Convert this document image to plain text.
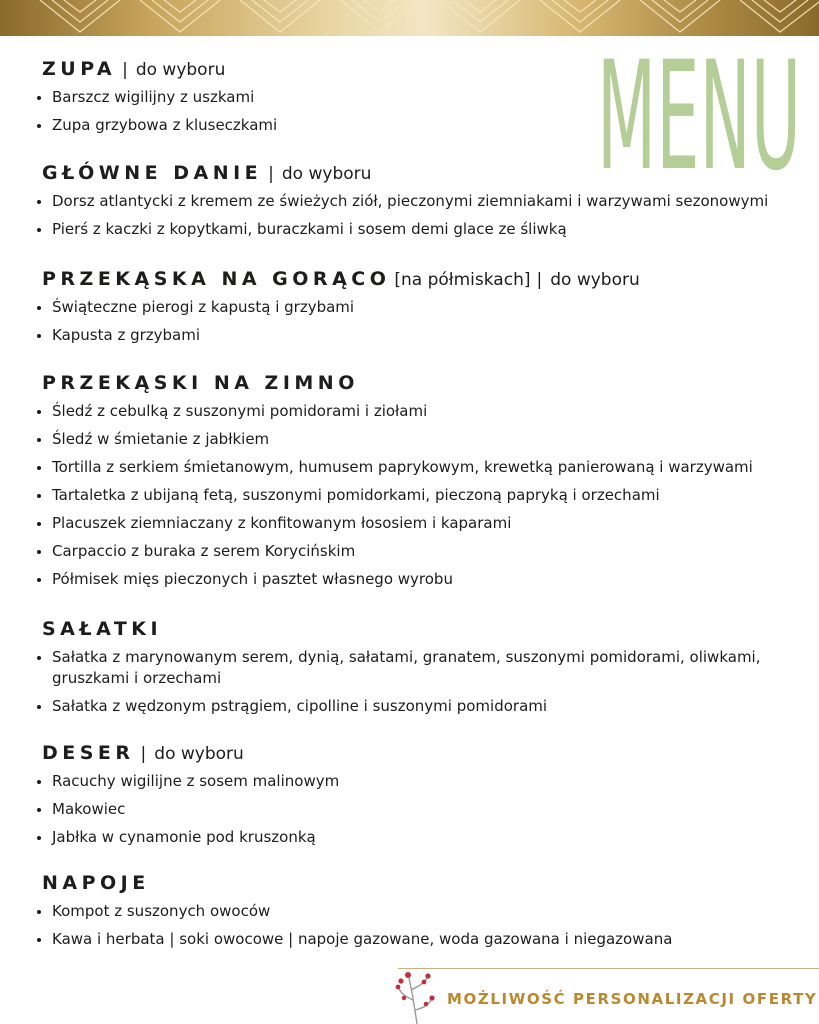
MENU
ZUPA | do wyboru
Barszcz wigilijny z uszkami
Zupa grzybowa z kluseczkami
GŁÓWNE DANIE | do wyboru
Dorsz atlantycki z kremem ze świeżych ziół, pieczonymi ziemniakami i warzywami sezonowymi
Pierś z kaczki z kopytkami, buraczkami i sosem demi glace ze śliwką
PRZEKĄSKA NA GORĄCO [na półmiskach] | do wyboru
Świąteczne pierogi z kapustą i grzybami
Kapusta z grzybami
PRZEKĄSKI NA ZIMNO
Śledź z cebulką z suszonymi pomidorami i ziołami
Śledź w śmietanie z jabłkiem
Tortilla z serkiem śmietanowym, humusem paprykowym, krewetką panierowaną i warzywami
Tartaletka z ubijaną fetą, suszonymi pomidorkami, pieczoną papryką i orzechami
Placuszek ziemniaczany z konfitowanym łososiem i kaparami
Carpaccio z buraka z serem Korycińskim
Półmisek mięs pieczonych i pasztet własnego wyrobu
SAŁATKI
Sałatka z marynowanym serem, dynią, sałatami, granatem, suszonymi pomidorami, oliwkami, gruszkami i orzechami
Sałatka z wędzonym pstrągiem, cipolline i suszonymi pomidorami
DESER | do wyboru
Racuchy wigilijne z sosem malinowym
Makowiec
Jabłka w cynamonie pod kruszonką
NAPOJE
Kompot z suszonych owoców
Kawa i herbata | soki owocowe | napoje gazowane, woda gazowana i niegazowana
MOŻLIWOŚĆ PERSONALIZACJI OFERTY
